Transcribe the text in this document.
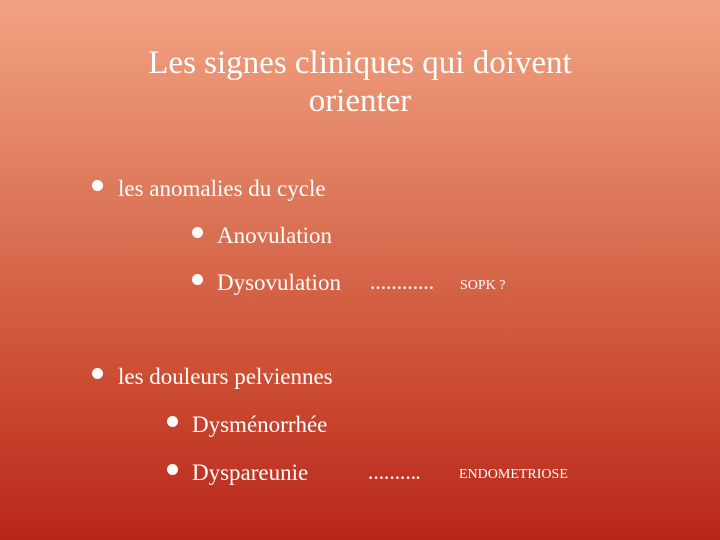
Les signes cliniques qui doivent
orienter
les anomalies du cycle
Anovulation
Dysovulation ………… SOPK ?
les douleurs pelviennes
Dysménorrhée
Dyspareunie	……….	ENDOMETRIOSE
